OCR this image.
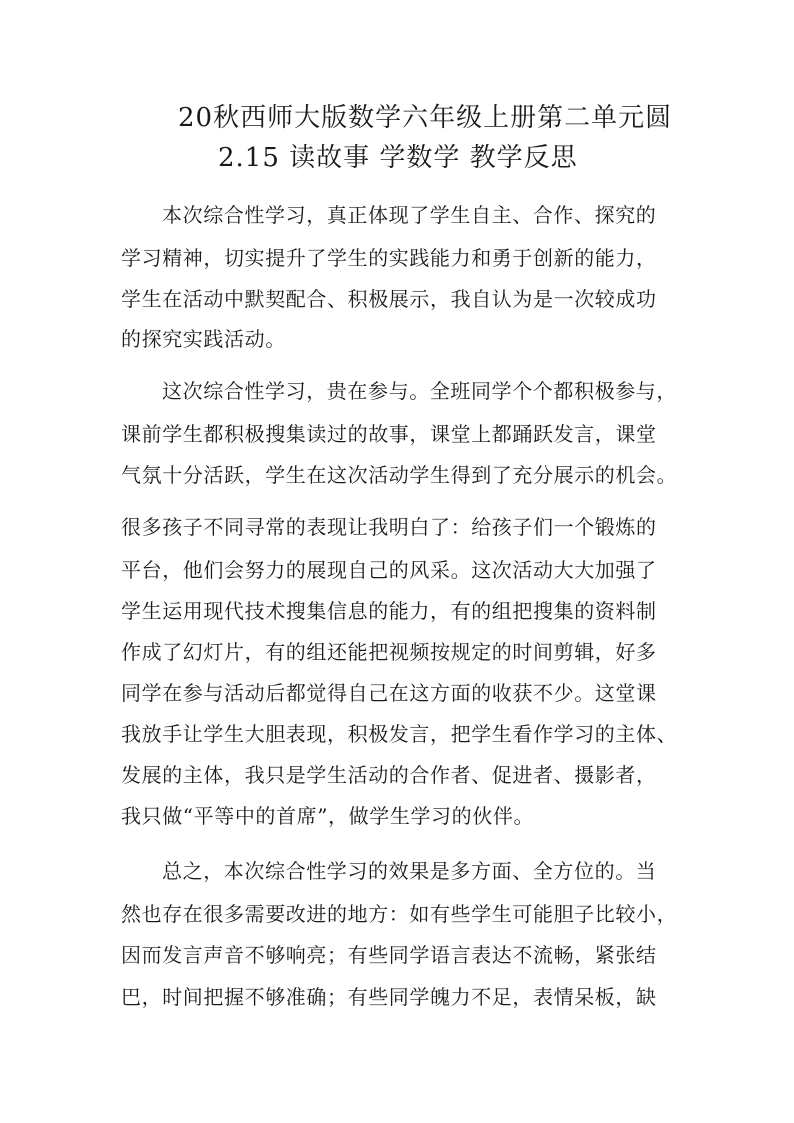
20秋西师大版数学六年级上册第二单元圆
2.15 读故事 学数学 教学反思
本次综合性学习，真正体现了学生自主、合作、探究的
学习精神，切实提升了学生的实践能力和勇于创新的能力，
学生在活动中默契配合、积极展示，我自认为是一次较成功
的探究实践活动。
这次综合性学习，贵在参与。全班同学个个都积极参与，
课前学生都积极搜集读过的故事，课堂上都踊跃发言，课堂
气氛十分活跃，学生在这次活动学生得到了充分展示的机会。
很多孩子不同寻常的表现让我明白了：给孩子们一个锻炼的
平台，他们会努力的展现自己的风采。这次活动大大加强了
学生运用现代技术搜集信息的能力，有的组把搜集的资料制
作成了幻灯片，有的组还能把视频按规定的时间剪辑，好多
同学在参与活动后都觉得自己在这方面的收获不少。这堂课
我放手让学生大胆表现，积极发言，把学生看作学习的主体、
发展的主体，我只是学生活动的合作者、促进者、摄影者，
我只做“平等中的首席”，做学生学习的伙伴。
总之，本次综合性学习的效果是多方面、全方位的。当
然也存在很多需要改进的地方：如有些学生可能胆子比较小，
因而发言声音不够响亮；有些同学语言表达不流畅，紧张结
巴，时间把握不够准确；有些同学魄力不足，表情呆板，缺
